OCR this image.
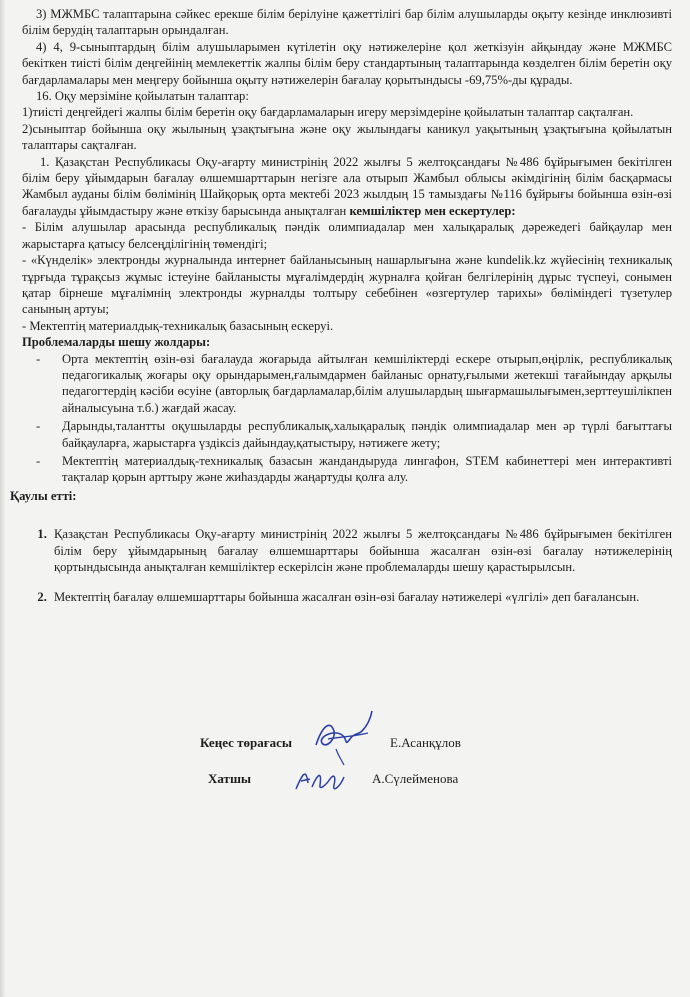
3) МЖМБС талаптарына сәйкес ерекше білім берілуіне қажеттілігі бар білім алушыларды оқыту кезінде инклюзивті білім берудің талаптарын орындалған.

4) 4, 9-сыныптардың білім алушыларымен күтілетін оқу нәтижелеріне қол жеткізуін айқындау және МЖМБС бекіткен тиісті білім деңгейінің мемлекеттік жалпы білім беру стандартының талаптарында көзделген білім беретін оқу бағдарламалары мен меңгеру бойынша оқыту нәтижелерін бағалау қорытындысы -69,75%-ды құрады.

16. Оқу мерзіміне қойылатын талаптар:

1)тиісті деңгейдегі жалпы білім беретін оқу бағдарламаларын игеру мерзімдеріне қойылатын талаптар сақталған.

2)сыныптар бойынша оқу жылының ұзақтығына және оқу жылындағы каникул уақытының ұзақтығына қойылатын талаптары сақталған.

1. Қазақстан Республикасы Оқу-ағарту министрінің 2022 жылғы 5 желтоқсандағы №486 бұйрығымен бекітілген білім беру ұйымдарын бағалау өлшемшарттарын негізге ала отырып Жамбыл облысы әкімдігінің білім басқармасы Жамбыл ауданы білім бөлімінің Шайқорық орта мектебі 2023 жылдың 15 тамыздағы №116 бұйрығы бойынша өзін-өзі бағалауды ұйымдастыру және өткізу барысында анықталған кемшіліктер мен ескертулер:

- Білім алушылар арасында республикалық пәндік олимпиадалар мен халықаралық дәрежедегі байқаулар мен жарыстарға қатысу белсеңділігінің төмендігі;

- «Күнделік» электронды журналында интернет байланысының нашарлығына және kundelik.kz жүйесінің техникалық тұрғыда тұрақсыз жұмыс істеуіне байланысты мұғалімдердің журналға қойған белгілерінің дұрыс түспеуі, сонымен қатар бірнеше мұғалімнің электронды журналды толтыру себебінен «өзгертулер тарихы» бөліміндегі түзетулер санының артуы;

- Мектептің материалдық-техникалық базасының ескеруі.

Проблемаларды шешу жолдары:

- Орта мектептің өзін-өзі бағалауда жоғарыда айтылған кемшіліктерді ескере отырып,өңірлік, республикалық педагогикалық жоғары оқу орындарымен,ғалымдармен байланыс орнату,ғылыми жетекші тағайындау арқылы педагогтердің кәсіби өсуіне (авторлық бағдарламалар,білім алушылардың шығармашылығымен,зерттеушілікпен айналысуына т.б.) жағдай жасау.
- Дарынды,талантты оқушыларды республикалық,халықаралық пәндік олимпиадалар мен әр түрлі бағыттағы байқауларға, жарыстарға үздіксіз дайындау,қатыстыру, нәтижеге жету;
- Мектептің материалдық-техникалық базасын жандандыруда лингафон, STEM кабинеттері мен интерактивті тақталар қорын арттыру және жиһаздарды жаңартуды қолға алу.

Қаулы етті:

1. Қазақстан Республикасы Оқу-ағарту министрінің 2022 жылғы 5 желтоқсандағы №486 бұйрығымен бекітілген білім беру ұйымдарының бағалау өлшемшарттары бойынша жасалған өзін-өзі бағалау нәтижелерінің қортындысында анықталған кемшіліктер ескерілсін және проблемаларды шешу қарастырылсын.
2. Мектептің бағалау өлшемшарттары бойынша жасалған өзін-өзі бағалау нәтижелері «үлгілі» деп бағалансын.
Кеңес төрағасы	Е.Асанқұлов
Хатшы	А.Сүлейменова
